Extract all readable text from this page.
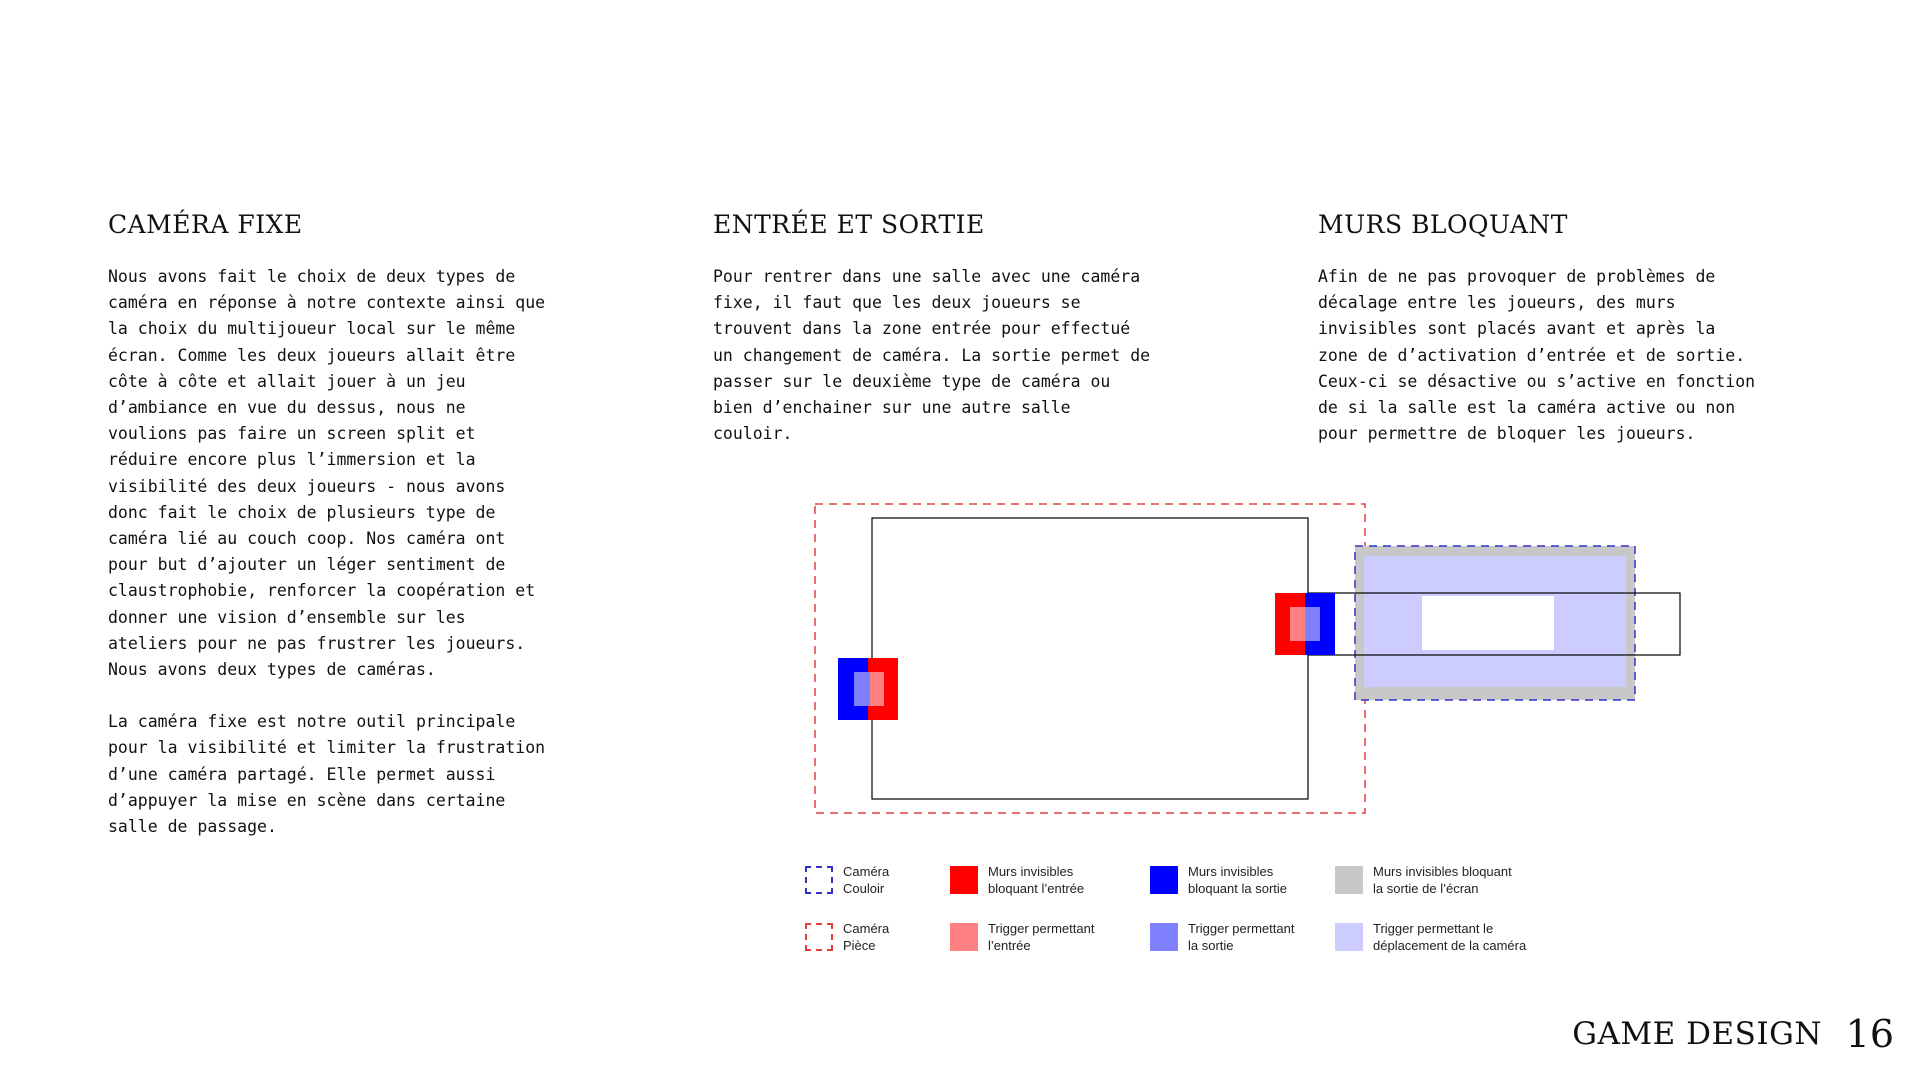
CAMÉRA FIXE

Nous avons fait le choix de deux types de
caméra en réponse à notre contexte ainsi que
la choix du multijoueur local sur le même
écran. Comme les deux joueurs allait être
côte à côte et allait jouer à un jeu
d’ambiance en vue du dessus, nous ne
voulions pas faire un screen split et
réduire encore plus l’immersion et la
visibilité des deux joueurs - nous avons
donc fait le choix de plusieurs type de
caméra lié au couch coop. Nos caméra ont
pour but d’ajouter un léger sentiment de
claustrophobie, renforcer la coopération et
donner une vision d’ensemble sur les
ateliers pour ne pas frustrer les joueurs.
Nous avons deux types de caméras.

La caméra fixe est notre outil principale
pour la visibilité et limiter la frustration
d’une caméra partagé. Elle permet aussi
d’appuyer la mise en scène dans certaine
salle de passage.

ENTRÉE ET SORTIE

Pour rentrer dans une salle avec une caméra
fixe, il faut que les deux joueurs se
trouvent dans la zone entrée pour effectué
un changement de caméra. La sortie permet de
passer sur le deuxième type de caméra ou
bien d’enchainer sur une autre salle
couloir.

MURS BLOQUANT

Afin de ne pas provoquer de problèmes de
décalage entre les joueurs, des murs
invisibles sont placés avant et après la
zone de d’activation d’entrée et de sortie.
Ceux-ci se désactive ou s’active en fonction
de si la salle est la caméra active ou non
pour permettre de bloquer les joueurs.

Caméra
Couloir
Murs invisibles
bloquant l’entrée
Murs invisibles
bloquant la sortie
Murs invisibles bloquant
la sortie de l’écran
Caméra
Pièce
Trigger permettant
l’entrée
Trigger permettant
la sortie
Trigger permettant le
déplacement de la caméra
GAME DESIGN 16
